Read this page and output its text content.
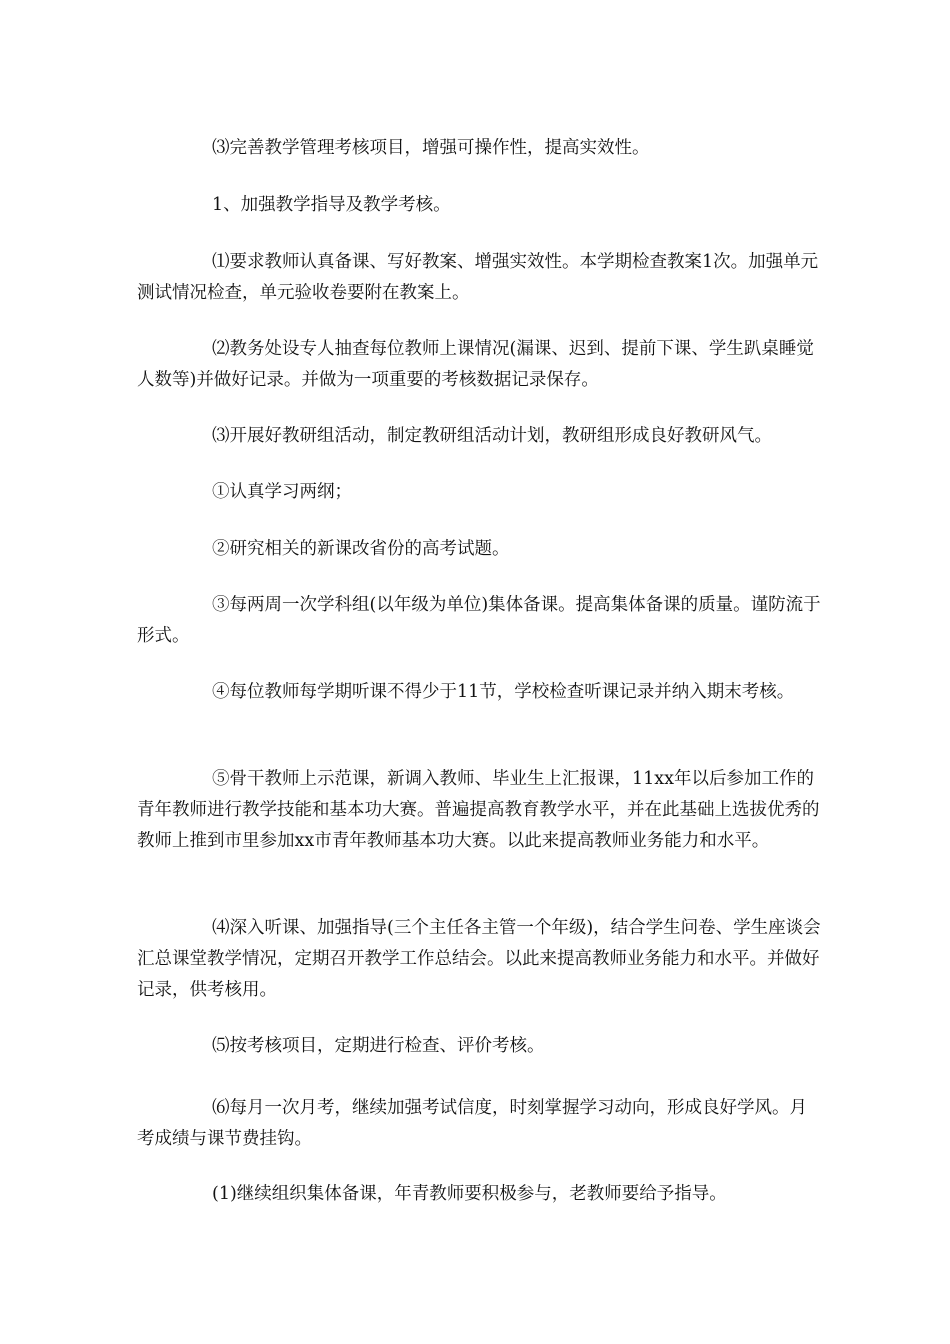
⑶完善教学管理考核项目，增强可操作性，提高实效性。

1、加强教学指导及教学考核。

⑴要求教师认真备课、写好教案、增强实效性。本学期检查教案1次。加强单元测试情况检查，单元验收卷要附在教案上。

⑵教务处设专人抽查每位教师上课情况(漏课、迟到、提前下课、学生趴桌睡觉人数等)并做好记录。并做为一项重要的考核数据记录保存。

⑶开展好教研组活动，制定教研组活动计划，教研组形成良好教研风气。

①认真学习两纲；

②研究相关的新课改省份的高考试题。

③每两周一次学科组(以年级为单位)集体备课。提高集体备课的质量。谨防流于形式。

④每位教师每学期听课不得少于11节，学校检查听课记录并纳入期末考核。

⑤骨干教师上示范课，新调入教师、毕业生上汇报课，11xx年以后参加工作的青年教师进行教学技能和基本功大赛。普遍提高教育教学水平，并在此基础上选拔优秀的教师上推到市里参加xx市青年教师基本功大赛。以此来提高教师业务能力和水平。

⑷深入听课、加强指导(三个主任各主管一个年级)，结合学生问卷、学生座谈会汇总课堂教学情况，定期召开教学工作总结会。以此来提高教师业务能力和水平。并做好记录，供考核用。

⑸按考核项目，定期进行检查、评价考核。

⑹每月一次月考，继续加强考试信度，时刻掌握学习动向，形成良好学风。月考成绩与课节费挂钩。

(1)继续组织集体备课，年青教师要积极参与，老教师要给予指导。
